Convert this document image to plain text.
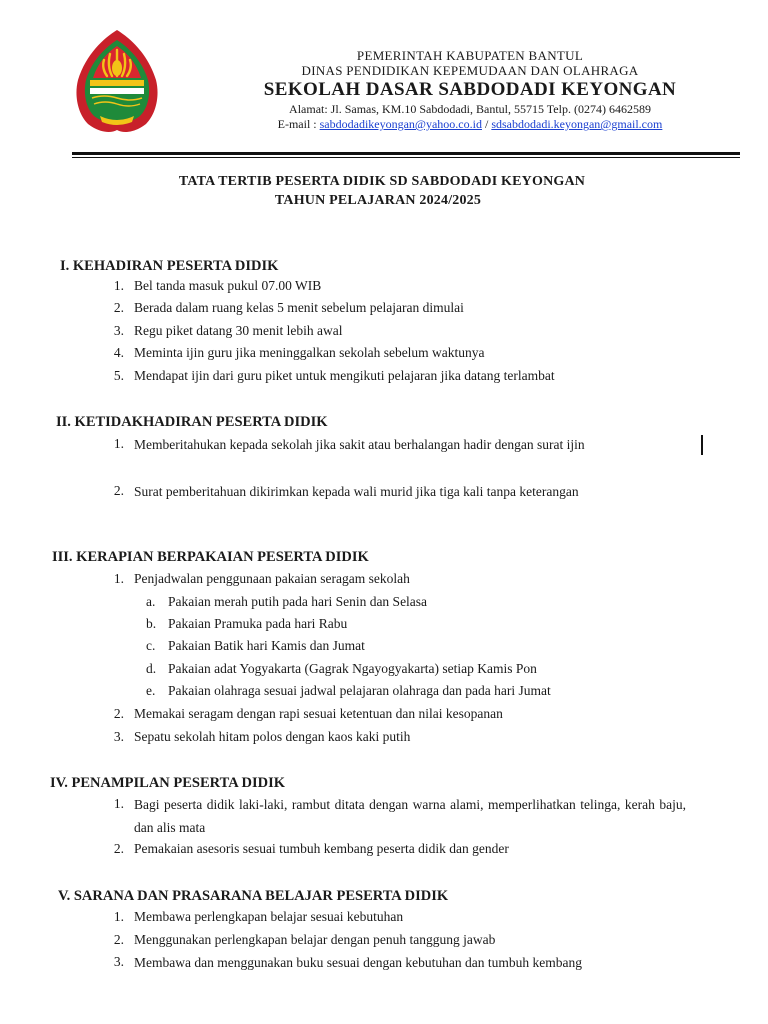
PEMERINTAH KABUPATEN BANTUL
DINAS PENDIDIKAN KEPEMUDAAN DAN OLAHRAGA
SEKOLAH DASAR SABDODADI KEYONGAN
Alamat: Jl. Samas, KM.10 Sabdodadi, Bantul, 55715 Telp. (0274) 6462589
E-mail : sabdodadikeyongan@yahoo.co.id / sdsabdodadi.keyongan@gmail.com
TATA TERTIB PESERTA DIDIK SD SABDODADI KEYONGAN
TAHUN PELAJARAN 2024/2025
I. KEHADIRAN PESERTA DIDIK
1. Bel tanda masuk pukul 07.00 WIB
2. Berada dalam ruang kelas 5 menit sebelum pelajaran dimulai
3. Regu piket datang 30 menit lebih awal
4. Meminta ijin guru jika meninggalkan sekolah sebelum waktunya
5. Mendapat ijin dari guru piket untuk mengikuti pelajaran jika datang terlambat
II. KETIDAKHADIRAN PESERTA DIDIK
1. Memberitahukan kepada sekolah jika sakit atau berhalangan hadir dengan surat ijin
2. Surat pemberitahuan dikirimkan kepada wali murid jika tiga kali tanpa keterangan
III. KERAPIAN BERPAKAIAN PESERTA DIDIK
1. Penjadwalan penggunaan pakaian seragam sekolah
a. Pakaian merah putih pada hari Senin dan Selasa
b. Pakaian Pramuka pada hari Rabu
c. Pakaian Batik hari Kamis dan Jumat
d. Pakaian adat Yogyakarta (Gagrak Ngayogyakarta) setiap Kamis Pon
e. Pakaian olahraga sesuai jadwal pelajaran olahraga dan pada hari Jumat
2. Memakai seragam dengan rapi sesuai ketentuan dan nilai kesopanan
3. Sepatu sekolah hitam polos dengan kaos kaki putih
IV. PENAMPILAN PESERTA DIDIK
1. Bagi peserta didik laki-laki, rambut ditata dengan warna alami, memperlihatkan telinga, kerah baju, dan alis mata
2. Pemakaian asesoris sesuai tumbuh kembang peserta didik dan gender
V. SARANA DAN PRASARANA BELAJAR PESERTA DIDIK
1. Membawa perlengkapan belajar sesuai kebutuhan
2. Menggunakan perlengkapan belajar dengan penuh tanggung jawab
3. Membawa dan menggunakan buku sesuai dengan kebutuhan dan tumbuh kembang
